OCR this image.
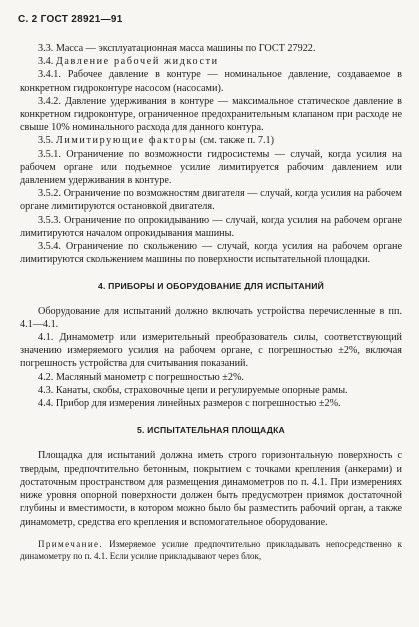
С. 2 ГОСТ 28921—91

3.3. Масса — эксплуатационная масса машины по ГОСТ 27922.

3.4. Давление рабочей жидкости

3.4.1. Рабочее давление в контуре — номинальное давление, создаваемое в конкретном гидроконтуре насосом (насосами).

3.4.2. Давление удерживания в контуре — максимальное статическое давление в конкретном гидроконтуре, ограниченное предохранительным клапаном при расходе не свыше 10% номинального расхода для данного контура.

3.5. Лимитирующие факторы (см. также п. 7.1)

3.5.1. Ограничение по возможности гидросистемы — случай, когда усилия на рабочем органе или подъемное усилие лимитируется рабочим давлением или давлением удерживания в контуре.

3.5.2. Ограничение по возможностям двигателя — случай, когда усилия на рабочем органе лимитируются остановкой двигателя.

3.5.3. Ограничение по опрокидыванию — случай, когда усилия на рабочем органе лимитируются началом опрокидывания машины.

3.5.4. Ограничение по скольжению — случай, когда усилия на рабочем органе лимитируются скольжением машины по поверхности испытательной площадки.

4. ПРИБОРЫ И ОБОРУДОВАНИЕ ДЛЯ ИСПЫТАНИЙ

Оборудование для испытаний должно включать устройства перечисленные в пп. 4.1—4.1.

4.1. Динамометр или измерительный преобразователь силы, соответствующий значению измеряемого усилия на рабочем органе, с погрешностью ±2%, включая погрешность устройства для считывания показаний.

4.2. Масляный манометр с погрешностью ±2%.

4.3. Канаты, скобы, страховочные цепи и регулируемые опорные рамы.

4.4. Прибор для измерения линейных размеров с погрешностью ±2%.

5. ИСПЫТАТЕЛЬНАЯ ПЛОЩАДКА

Площадка для испытаний должна иметь строго горизонтальную поверхность с твердым, предпочтительно бетонным, покрытием с точками крепления (анкерами) и достаточным пространством для размещения динамометров по п. 4.1. При измерениях ниже уровня опорной поверхности должен быть предусмотрен приямок достаточной глубины и вместимости, в котором можно было бы разместить рабочий орган, а также динамометр, средства его крепления и вспомогательное оборудование.

Примечание. Измеряемое усилие предпочтительно прикладывать непосредственно к динамометру по п. 4.1. Если усилие прикладывают через блок,
